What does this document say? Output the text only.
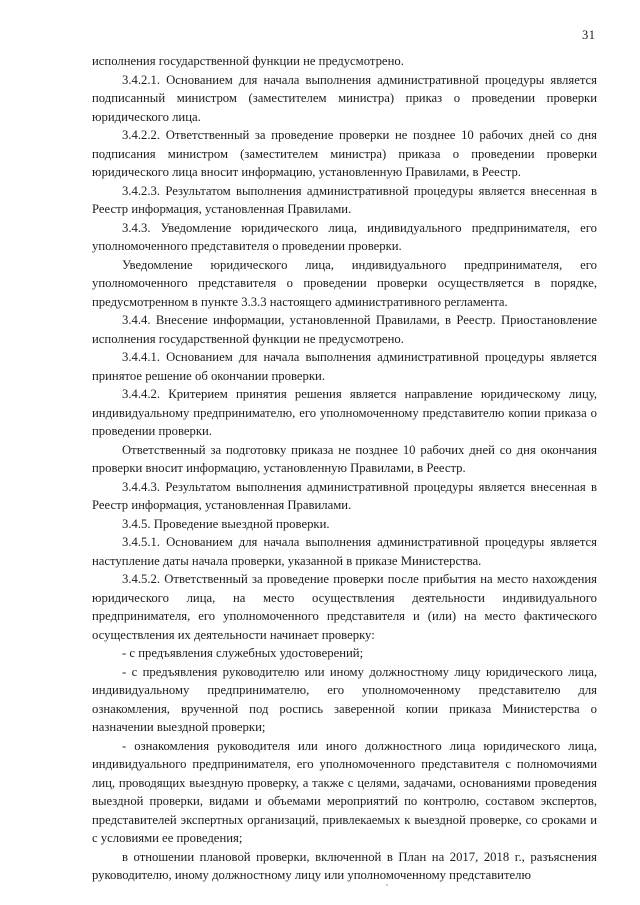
31

исполнения государственной функции не предусмотрено.

3.4.2.1. Основанием для начала выполнения административной процедуры является подписанный министром (заместителем министра) приказ о проведении проверки юридического лица.

3.4.2.2. Ответственный за проведение проверки не позднее 10 рабочих дней со дня подписания министром (заместителем министра) приказа о проведении проверки юридического лица вносит информацию, установленную Правилами, в Реестр.

3.4.2.3. Результатом выполнения административной процедуры является внесенная в Реестр информация, установленная Правилами.

3.4.3. Уведомление юридического лица, индивидуального предпринимателя, его уполномоченного представителя о проведении проверки.

Уведомление юридического лица, индивидуального предпринимателя, его уполномоченного представителя о проведении проверки осуществляется в порядке, предусмотренном в пункте 3.3.3 настоящего административного регламента.

3.4.4. Внесение информации, установленной Правилами, в Реестр. Приостановление исполнения государственной функции не предусмотрено.

3.4.4.1. Основанием для начала выполнения административной процедуры является принятое решение об окончании проверки.

3.4.4.2. Критерием принятия решения является направление юридическому лицу, индивидуальному предпринимателю, его уполномоченному представителю копии приказа о проведении проверки.

Ответственный за подготовку приказа не позднее 10 рабочих дней со дня окончания проверки вносит информацию, установленную Правилами, в Реестр.

3.4.4.3. Результатом выполнения административной процедуры является внесенная в Реестр информация, установленная Правилами.

3.4.5. Проведение выездной проверки.

3.4.5.1. Основанием для начала выполнения административной процедуры является наступление даты начала проверки, указанной в приказе Министерства.

3.4.5.2. Ответственный за проведение проверки после прибытия на место нахождения юридического лица, на место осуществления деятельности индивидуального предпринимателя, его уполномоченного представителя и (или) на место фактического осуществления их деятельности начинает проверку:

- с предъявления служебных удостоверений;

- с предъявления руководителю или иному должностному лицу юридического лица, индивидуальному предпринимателю, его уполномоченному представителю для ознакомления, врученной под роспись заверенной копии приказа Министерства о назначении выездной проверки;

- ознакомления руководителя или иного должностного лица юридического лица, индивидуального предпринимателя, его уполномоченного представителя с полномочиями лиц, проводящих выездную проверку, а также с целями, задачами, основаниями проведения выездной проверки, видами и объемами мероприятий по контролю, составом экспертов, представителей экспертных организаций, привлекаемых к выездной проверке, со сроками и с условиями ее проведения;

в отношении плановой проверки, включенной в План на 2017, 2018 г., разъяснения руководителю, иному должностному лицу или уполномоченному представителю
